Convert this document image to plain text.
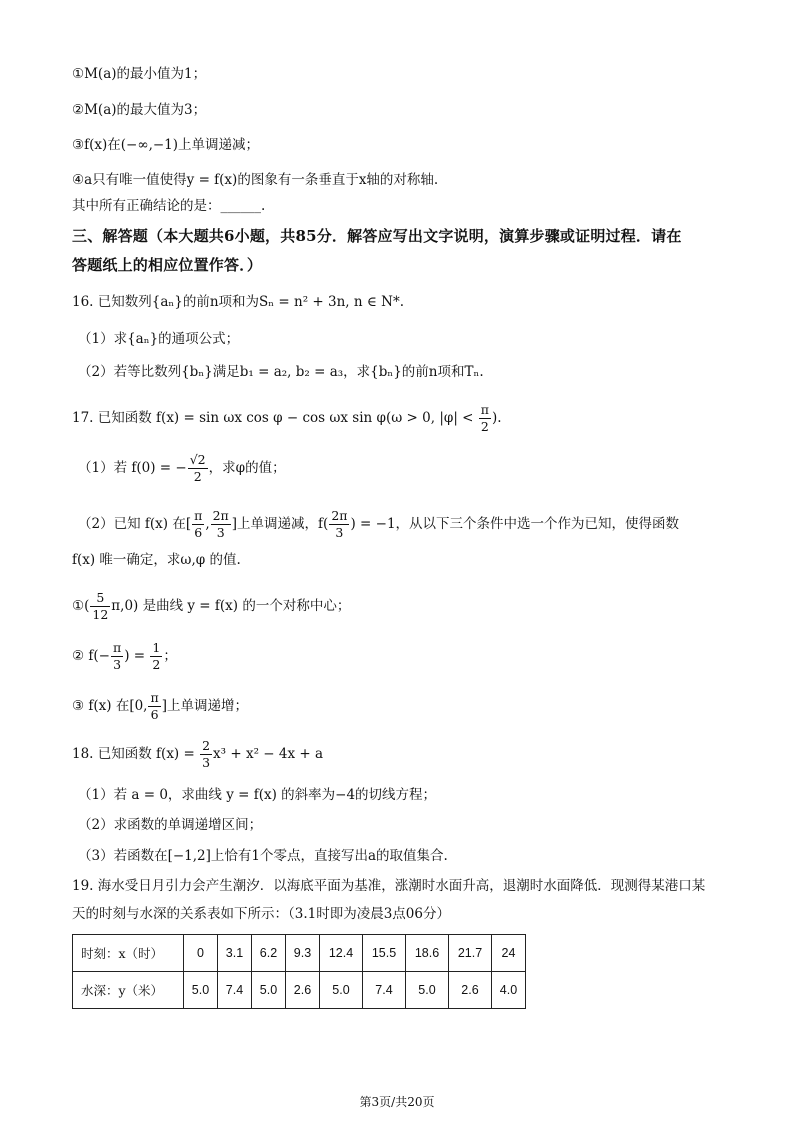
①M(a)的最小值为1；
②M(a)的最大值为3；
③f(x)在(−∞,−1)上单调递减；
④a只有唯一值使得y = f(x)的图象有一条垂直于x轴的对称轴.
其中所有正确结论的是：______.
三、解答题（本大题共6小题，共85分．解答应写出文字说明，演算步骤或证明过程．请在
答题纸上的相应位置作答．）
16. 已知数列{aₙ}的前n项和为Sₙ = n² + 3n, n ∈ N*.
（1）求{aₙ}的通项公式；
（2）若等比数列{bₙ}满足b₁ = a₂, b₂ = a₃，求{bₙ}的前n项和Tₙ.
17. 已知函数 f(x) = sin ωx cos φ − cos ωx sin φ(ω > 0, $|\varphi| < \frac{\pi}{2}$ ).
（1）若 f(0) = − $\frac{√2}{2}$ ，求φ的值；
（2）已知 f(x) 在[ $\frac{\pi}{6}$ , $\frac{2\pi}{3}$ ]上单调递减，$f( \frac{2\pi}{3}$ ) = −1，从以下三个条件中选一个作为已知，使得函数
f(x) 唯一确定，求ω,φ 的值.
①( $\frac{5}{12} \pi,0$) 是曲线 y = f(x) 的一个对称中心；
② $f(- \frac{\pi}{3}$ ) = $\frac{1}{2}$ ；
③ f(x) 在[0, $\frac{\pi}{6}$ ]上单调递增；
18. 已知函数 $f(x) = \frac{2}{3} x^3 + x^2 - 4x + a$
（1）若 a = 0，求曲线 y = f(x) 的斜率为−4的切线方程；
（2）求函数的单调递增区间；
（3）若函数在[−1,2]上恰有1个零点，直接写出a的取值集合.
19. 海水受日月引力会产生潮汐．以海底平面为基准，涨潮时水面升高，退潮时水面降低．现测得某港口某
天的时刻与水深的关系表如下所示：（3.1时即为凌晨3点06分）
时刻：x（时）	0	3.1	6.2	9.3	12.4	15.5	18.6	21.7	24
水深：y（米）	5.0	7.4	5.0	2.6	5.0	7.4	5.0	2.6	4.0
第3页/共20页
